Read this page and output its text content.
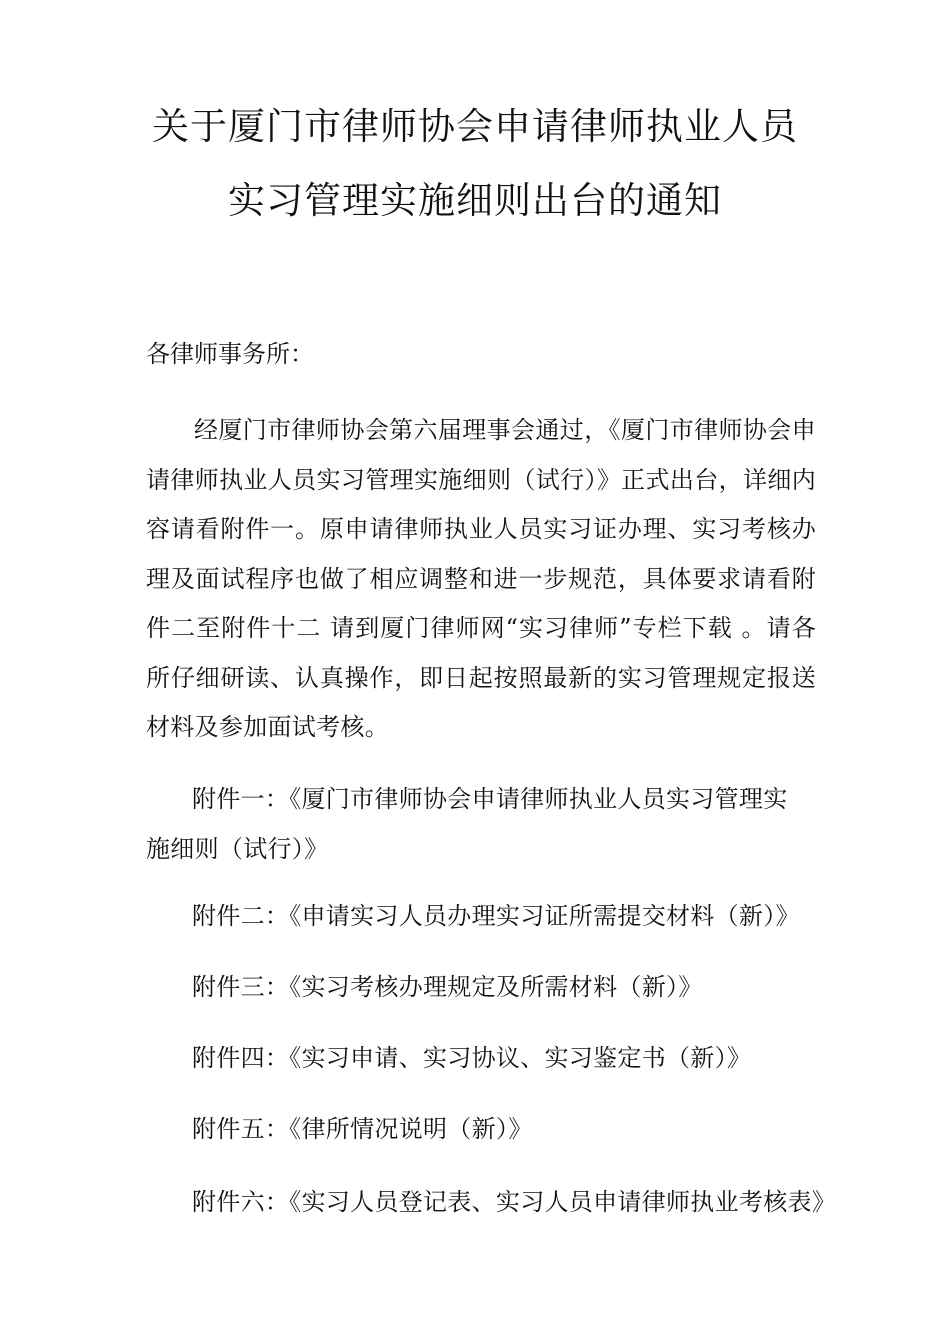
关于厦门市律师协会申请律师执业人员
实习管理实施细则出台的通知
各律师事务所：
经厦门市律师协会第六届理事会通过，《厦门市律师协会申请律师执业人员实习管理实施细则（试行）》正式出台，详细内容请看附件一。原申请律师执业人员实习证办理、实习考核办理及面试程序也做了相应调整和进一步规范，具体要求请看附件二至附件十二 请到厦门律师网“实习律师”专栏下载 。请各所仔细研读、认真操作，即日起按照最新的实习管理规定报送材料及参加面试考核。
附件一：《厦门市律师协会申请律师执业人员实习管理实施细则（试行）》
附件二：《申请实习人员办理实习证所需提交材料（新）》
附件三：《实习考核办理规定及所需材料（新）》
附件四：《实习申请、实习协议、实习鉴定书（新）》
附件五：《律所情况说明（新）》
附件六：《实习人员登记表、实习人员申请律师执业考核表》
